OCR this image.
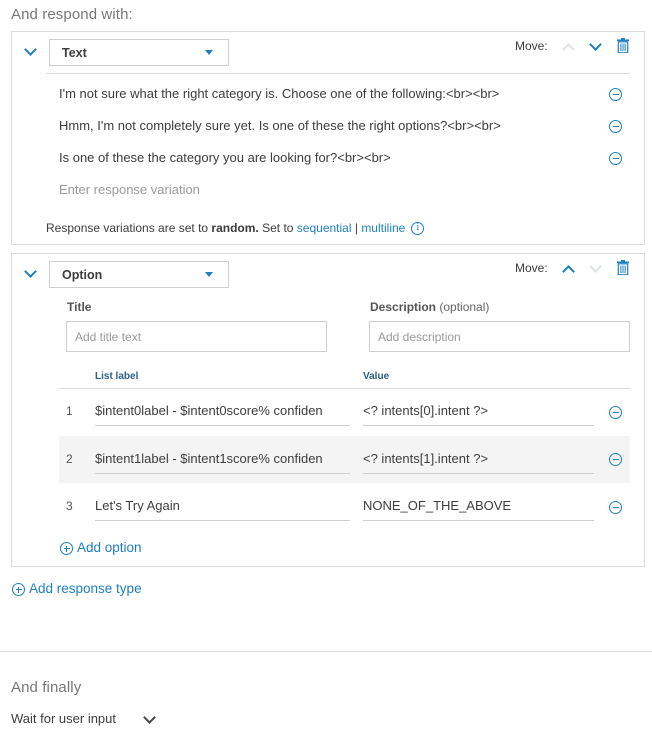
And respond with:
Text	Move:
I'm not sure what the right category is. Choose one of the following:<br><br>
Hmm, I'm not completely sure yet. Is one of these the right options?<br><br>
Is one of these the category you are looking for?<br><br>
Enter response variation
Response variations are set to random. Set to sequential | multiline i
Option	Move:
Title
Add title text
Description (optional)
Add description
List label	Value
1 $intent0label - $intent0score% confiden	<? intents[0].intent ?>
2 $intent1label - $intent1score% confiden	<? intents[1].intent ?>
3 Let's Try Again	NONE_OF_THE_ABOVE
Add option
Add response type
And finally
Wait for user input
